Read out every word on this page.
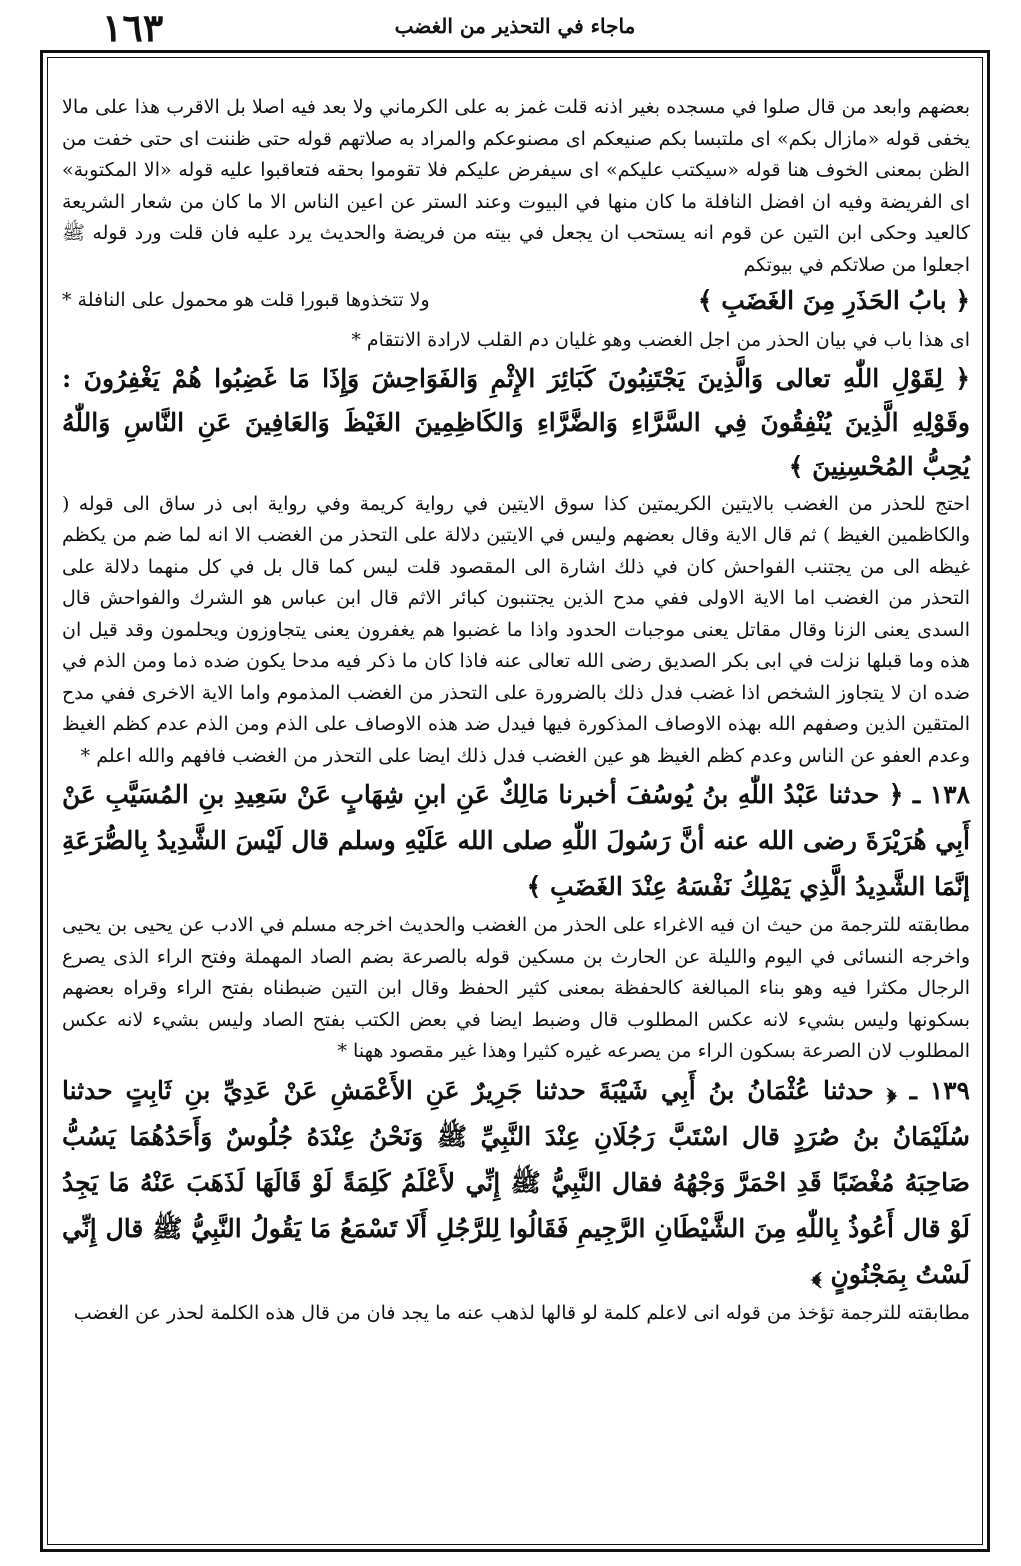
١٦٣	ماجاء في التحذير من الغضب

بعضهم وابعد من قال صلوا في مسجده بغير اذنه قلت غمز به على الكرماني ولا بعد فيه اصلا بل الاقرب هذا على مالا يخفى قوله «مازال بكم» اى ملتبسا بكم صنيعكم اى مصنوعكم والمراد به صلاتهم قوله حتى ظننت اى حتى خفت من الظن بمعنى الخوف هنا قوله «سيكتب عليكم» اى سيفرض عليكم فلا تقوموا بحقه فتعاقبوا عليه قوله «الا المكتوبة» اى الفريضة وفيه ان افضل النافلة ما كان منها في البيوت وعند الستر عن اعين الناس الا ما كان من شعار الشريعة كالعيد وحكى ابن التين عن قوم انه يستحب ان يجعل في بيته من فريضة والحديث يرد عليه فان قلت ورد قوله ﷺ اجعلوا من صلاتكم في بيوتكم

﴿ بابُ الحَذَرِ مِنَ الغَضَبِ ﴾
ولا تتخذوها قبورا قلت هو محمول على النافلة *

اى هذا باب في بيان الحذر من اجل الغضب وهو غليان دم القلب لارادة الانتقام *

﴿ لِقَوْلِ اللّٰهِ تعالى وَالَّذِينَ يَجْتَنِبُونَ كَبَائِرَ الإِثْمِ وَالفَوَاحِشَ وَإِذَا مَا غَضِبُوا هُمْ يَغْفِرُونَ : وقَوْلِهِ الَّذِينَ يُنْفِقُونَ فِي السَّرَّاءِ وَالضَّرَّاءِ وَالكَاظِمِينَ الغَيْظَ وَالعَافِينَ عَنِ النَّاسِ وَاللّٰهُ يُحِبُّ المُحْسِنِينَ ﴾

احتج للحذر من الغضب بالايتين الكريمتين كذا سوق الايتين في رواية كريمة وفي رواية ابى ذر ساق الى قوله ( والكاظمين الغيظ ) ثم قال الاية وقال بعضهم وليس في الايتين دلالة على التحذر من الغضب الا انه لما ضم من يكظم غيظه الى من يجتنب الفواحش كان في ذلك اشارة الى المقصود قلت ليس كما قال بل في كل منهما دلالة على التحذر من الغضب اما الاية الاولى ففي مدح الذين يجتنبون كبائر الاثم قال ابن عباس هو الشرك والفواحش قال السدى يعنى الزنا وقال مقاتل يعنى موجبات الحدود واذا ما غضبوا هم يغفرون يعنى يتجاوزون ويحلمون وقد قيل ان هذه وما قبلها نزلت في ابى بكر الصديق رضى الله تعالى عنه فاذا كان ما ذكر فيه مدحا يكون ضده ذما ومن الذم في ضده ان لا يتجاوز الشخص اذا غضب فدل ذلك بالضرورة على التحذر من الغضب المذموم واما الاية الاخرى ففي مدح المتقين الذين وصفهم الله بهذه الاوصاف المذكورة فيها فيدل ضد هذه الاوصاف على الذم ومن الذم عدم كظم الغيظ وعدم العفو عن الناس وعدم كظم الغيظ هو عين الغضب فدل ذلك ايضا على التحذر من الغضب فافهم والله اعلم *

١٣٨ ـ ﴿ حدثنا عَبْدُ اللّٰهِ بنُ يُوسُفَ أخبرنا مَالِكٌ عَنِ ابنِ شِهَابٍ عَنْ سَعِيدِ بنِ المُسَيَّبِ عَنْ أَبِي هُرَيْرَةَ رضى الله عنه أنَّ رَسُولَ اللّٰهِ صلى الله عَلَيْهِ وسلم قال لَيْسَ الشَّدِيدُ بِالصُّرَعَةِ إنَّمَا الشَّدِيدُ الَّذِي يَمْلِكُ نَفْسَهُ عِنْدَ الغَضَبِ ﴾

مطابقته للترجمة من حيث ان فيه الاغراء على الحذر من الغضب والحديث اخرجه مسلم في الادب عن يحيى بن يحيى واخرجه النسائى في اليوم والليلة عن الحارث بن مسكين قوله بالصرعة بضم الصاد المهملة وفتح الراء الذى يصرع الرجال مكثرا فيه وهو بناء المبالغة كالحفظة بمعنى كثير الحفظ وقال ابن التين ضبطناه بفتح الراء وقراه بعضهم بسكونها وليس بشيء لانه عكس المطلوب قال وضبط ايضا في بعض الكتب بفتح الصاد وليس بشيء لانه عكس المطلوب لان الصرعة بسكون الراء من يصرعه غيره كثيرا وهذا غير مقصود ههنا *

١٣٩ ـ ﴿ حدثنا عُثْمَانُ بنُ أَبِي شَيْبَةَ حدثنا جَرِيرٌ عَنِ الأَعْمَشِ عَنْ عَدِيِّ بنِ ثَابِتٍ حدثنا سُلَيْمَانُ بنُ صُرَدٍ قال اسْتَبَّ رَجُلَانِ عِنْدَ النَّبِيِّ ﷺ وَنَحْنُ عِنْدَهُ جُلُوسٌ وَأَحَدُهُمَا يَسُبُّ صَاحِبَهُ مُغْضَبًا قَدِ احْمَرَّ وَجْهُهُ فقال النَّبِيُّ ﷺ إِنِّي لأَعْلَمُ كَلِمَةً لَوْ قَالَهَا لَذَهَبَ عَنْهُ مَا يَجِدُ لَوْ قال أَعُوذُ بِاللّٰهِ مِنَ الشَّيْطَانِ الرَّجِيمِ فَقَالُوا لِلرَّجُلِ أَلَا تَسْمَعُ مَا يَقُولُ النَّبِيُّ ﷺ قال إِنِّي لَسْتُ بِمَجْنُونٍ ﴾

مطابقته للترجمة تؤخذ من قوله انى لاعلم كلمة لو قالها لذهب عنه ما يجد فان من قال هذه الكلمة لحذر عن الغضب
